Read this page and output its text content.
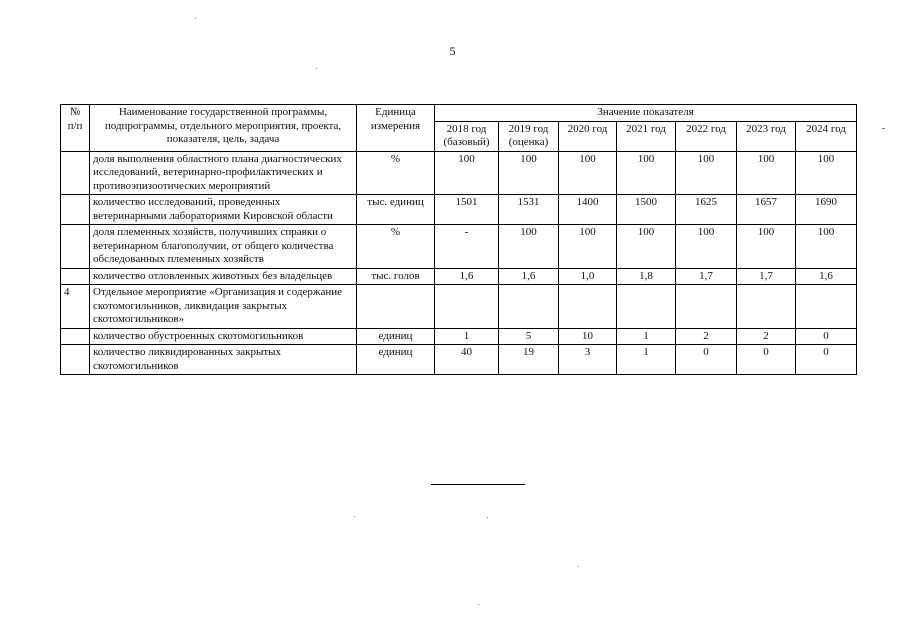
5
№ п/п	Наименование государственной программы, подпрограммы, отдельного мероприятия, проекта, показателя, цель, задача	Единица измерения	Значение показателя						
			2018 год (базовый)	2019 год (оценка)	2020 год	2021 год	2022 год	2023 год	2024 год
	доля выполнения областного плана диагностических исследований, ветеринарно-профилактических и противоэпизоотических мероприятий	%	100	100	100	100	100	100	100
	количество исследований, проведенных ветеринарными лабораториями Кировской области	тыс. единиц	1501	1531	1400	1500	1625	1657	1690
	доля племенных хозяйств, получивших справки о ветеринарном благополучии, от общего количества обследованных племенных хозяйств	%	-	100	100	100	100	100	100
	количество отловленных животных без владельцев	тыс. голов	1,6	1,6	1,0	1,8	1,7	1,7	1,6
4	Отдельное мероприятие «Организация и содержание скотомогильников, ликвидация закрытых скотомогильников»								
	количество обустроенных скотомогильников	единиц	1	5	10	1	2	2	0
	количество ликвидированных закрытых скотомогильников	единиц	40	19	3	1	0	0	0
